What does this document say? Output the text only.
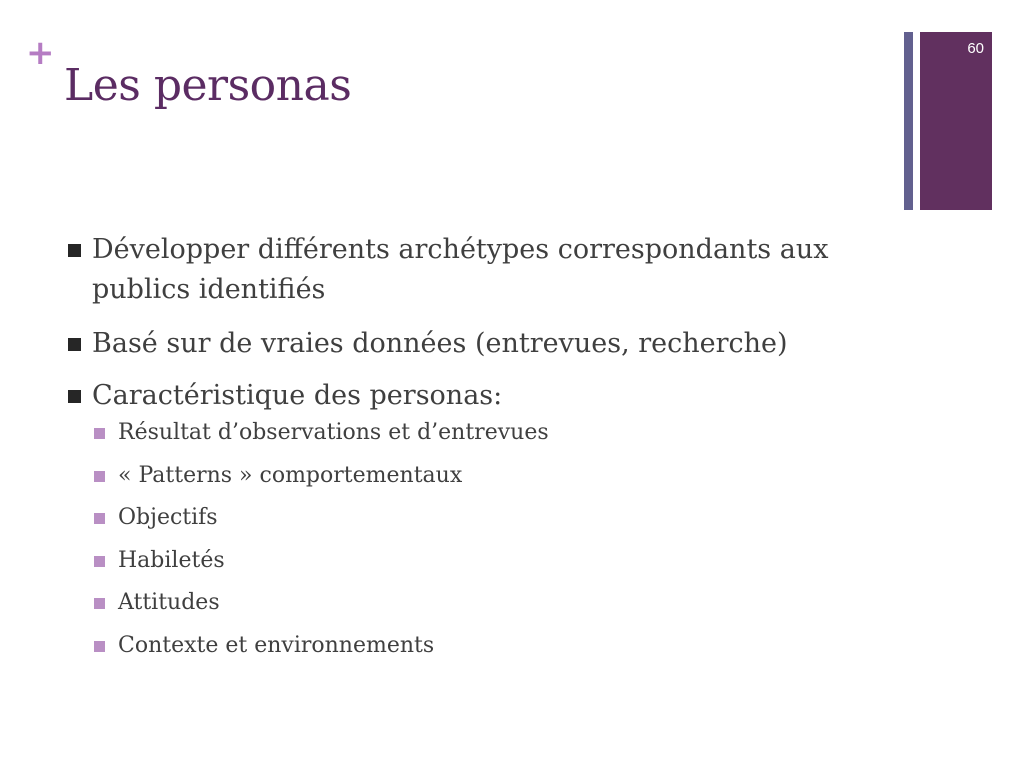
+
Les personas
60
Développer différents archétypes correspondants aux publics identifiés
Basé sur de vraies données (entrevues, recherche)
Caractéristique des personas:
Résultat d’observations et d’entrevues
« Patterns » comportementaux
Objectifs
Habiletés
Attitudes
Contexte et environnements
